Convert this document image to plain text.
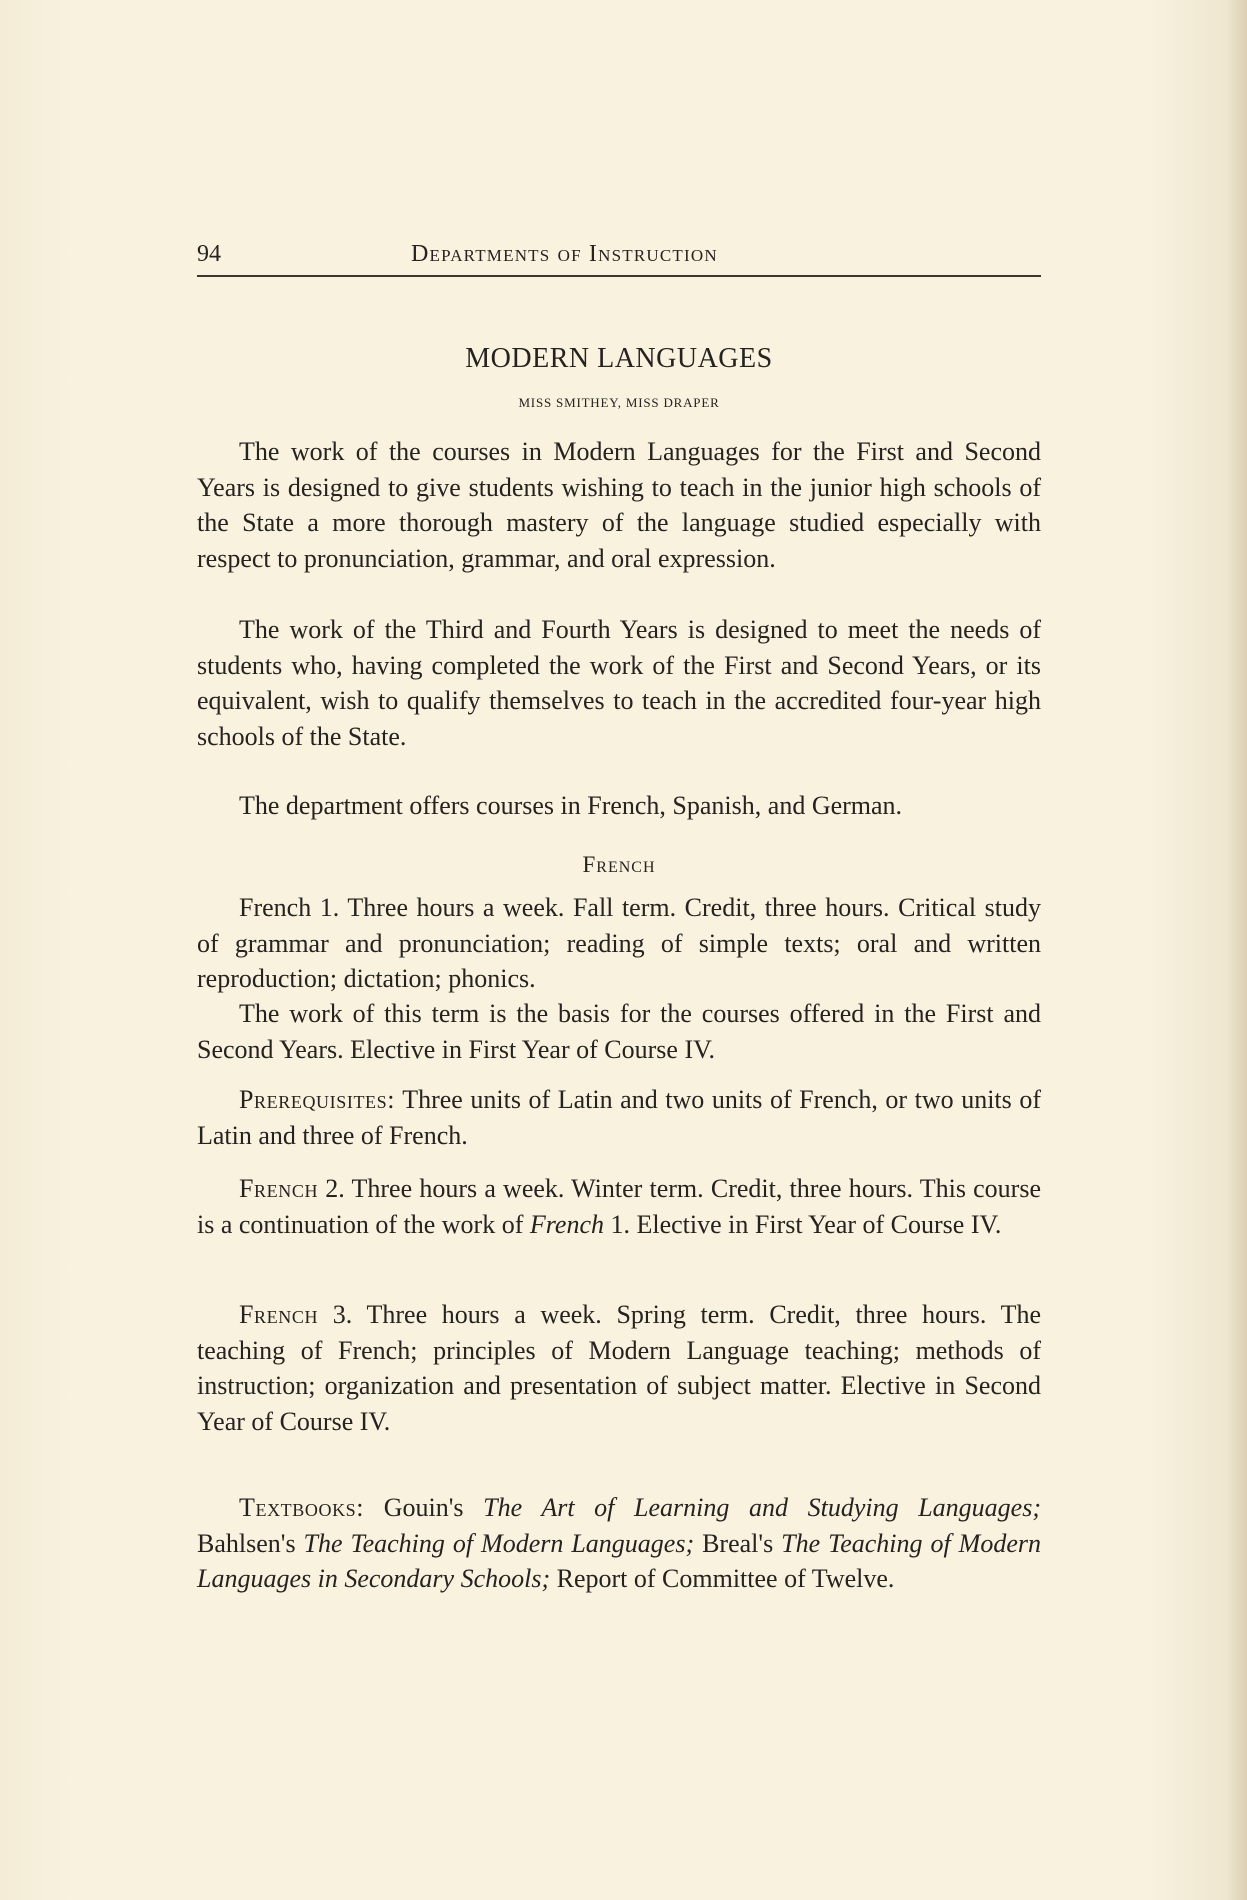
94	Departments of Instruction
MODERN LANGUAGES
MISS SMITHEY, MISS DRAPER

The work of the courses in Modern Languages for the First and Second Years is designed to give students wishing to teach in the junior high schools of the State a more thorough mastery of the language studied especially with respect to pronunciation, grammar, and oral expression.

The work of the Third and Fourth Years is designed to meet the needs of students who, having completed the work of the First and Second Years, or its equivalent, wish to qualify themselves to teach in the accredited four-year high schools of the State.

The department offers courses in French, Spanish, and German.

French

French 1. Three hours a week. Fall term. Credit, three hours. Critical study of grammar and pronunciation; reading of simple texts; oral and written reproduction; dictation; phonics.

The work of this term is the basis for the courses offered in the First and Second Years. Elective in First Year of Course IV.

Prerequisites: Three units of Latin and two units of French, or two units of Latin and three of French.

French 2. Three hours a week. Winter term. Credit, three hours. This course is a continuation of the work of French 1. Elective in First Year of Course IV.

French 3. Three hours a week. Spring term. Credit, three hours. The teaching of French; principles of Modern Language teaching; methods of instruction; organization and presentation of subject matter. Elective in Second Year of Course IV.

Textbooks: Gouin's The Art of Learning and Studying Languages; Bahlsen's The Teaching of Modern Languages; Breal's The Teaching of Modern Languages in Secondary Schools; Report of Committee of Twelve.
